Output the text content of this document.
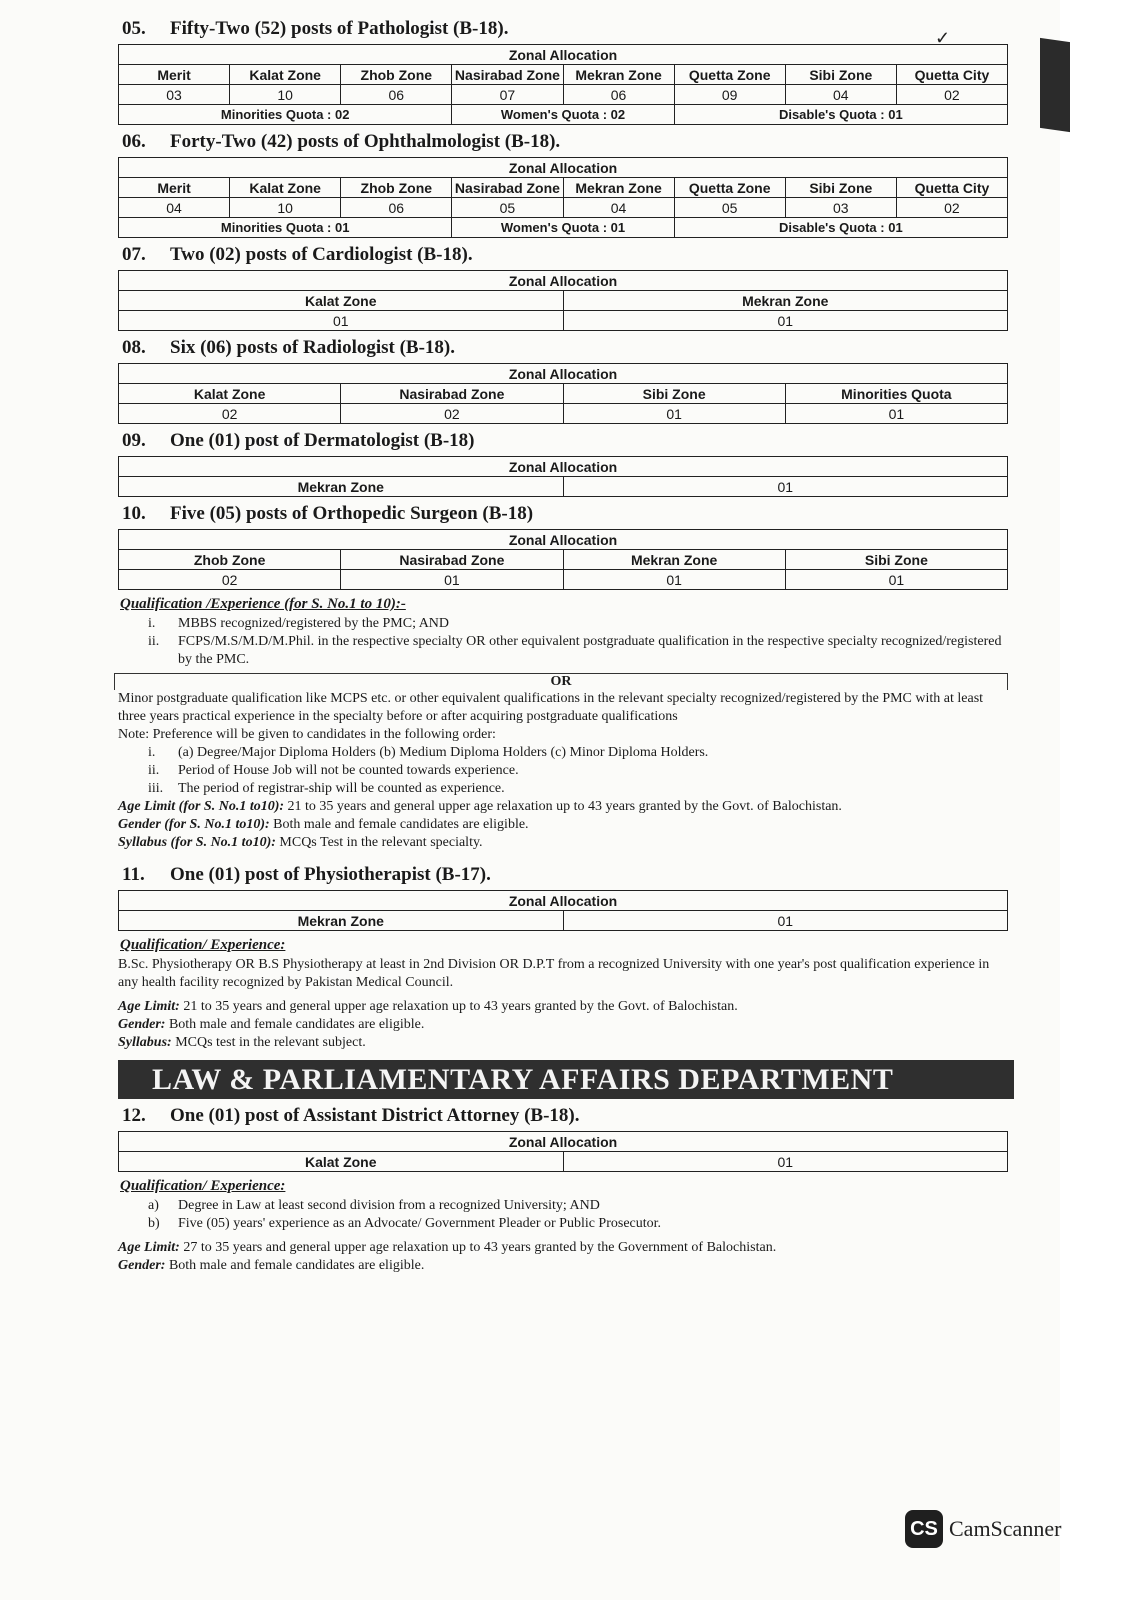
✓
05. Fifty-Two (52) posts of Pathologist (B-18).
Zonal Allocation							
Merit	Kalat Zone	Zhob Zone	Nasirabad Zone	Mekran Zone	Quetta Zone	Sibi Zone	Quetta City
03	10	06	07	06	09	04	02
Minorities Quota : 02			Women's Quota : 02		Disable's Quota : 01		
06. Forty-Two (42) posts of Ophthalmologist (B-18).
Zonal Allocation							
Merit	Kalat Zone	Zhob Zone	Nasirabad Zone	Mekran Zone	Quetta Zone	Sibi Zone	Quetta City
04	10	06	05	04	05	03	02
Minorities Quota : 01			Women's Quota : 01		Disable's Quota : 01		
07. Two (02) posts of Cardiologist (B-18).
Zonal Allocation	
Kalat Zone	Mekran Zone
01	01
08. Six (06) posts of Radiologist (B-18).
Zonal Allocation			
Kalat Zone	Nasirabad Zone	Sibi Zone	Minorities Quota
02	02	01	01
09. One (01) post of Dermatologist (B-18)
Zonal Allocation
Mekran Zone	01
10. Five (05) posts of Orthopedic Surgeon (B-18)
Zonal Allocation			
Zhob Zone	Nasirabad Zone	Mekran Zone	Sibi Zone
02	01	01	01
Qualification /Experience (for S. No.1 to 10):-
i.	MBBS recognized/registered by the PMC; AND
ii.	FCPS/M.S/M.D/M.Phil. in the respective specialty OR other equivalent postgraduate qualification in the respective specialty recognized/registered by the PMC.
OR

Minor postgraduate qualification like MCPS etc. or other equivalent qualifications in the relevant specialty recognized/registered by the PMC with at least three years practical experience in the specialty before or after acquiring postgraduate qualifications

Note: Preference will be given to candidates in the following order:

i.	(a) Degree/Major Diploma Holders (b) Medium Diploma Holders (c) Minor Diploma Holders.
ii.	Period of House Job will not be counted towards experience.
iii.	The period of registrar-ship will be counted as experience.

Age Limit (for S. No.1 to10): 21 to 35 years and general upper age relaxation up to 43 years granted by the Govt. of Balochistan.

Gender (for S. No.1 to10): Both male and female candidates are eligible.

Syllabus (for S. No.1 to10): MCQs Test in the relevant specialty.

11. One (01) post of Physiotherapist (B-17).
Zonal Allocation
Mekran Zone	01
Qualification/ Experience:

B.Sc. Physiotherapy OR B.S Physiotherapy at least in 2nd Division OR D.P.T from a recognized University with one year's post qualification experience in any health facility recognized by Pakistan Medical Council.

Age Limit: 21 to 35 years and general upper age relaxation up to 43 years granted by the Govt. of Balochistan.

Gender: Both male and female candidates are eligible.

Syllabus: MCQs test in the relevant subject.

LAW & PARLIAMENTARY AFFAIRS DEPARTMENT
12. One (01) post of Assistant District Attorney (B-18).
Zonal Allocation
Kalat Zone	01
Qualification/ Experience:
a)	Degree in Law at least second division from a recognized University; AND
b)	Five (05) years' experience as an Advocate/ Government Pleader or Public Prosecutor.

Age Limit: 27 to 35 years and general upper age relaxation up to 43 years granted by the Government of Balochistan.

Gender: Both male and female candidates are eligible.

CS CamScanner
